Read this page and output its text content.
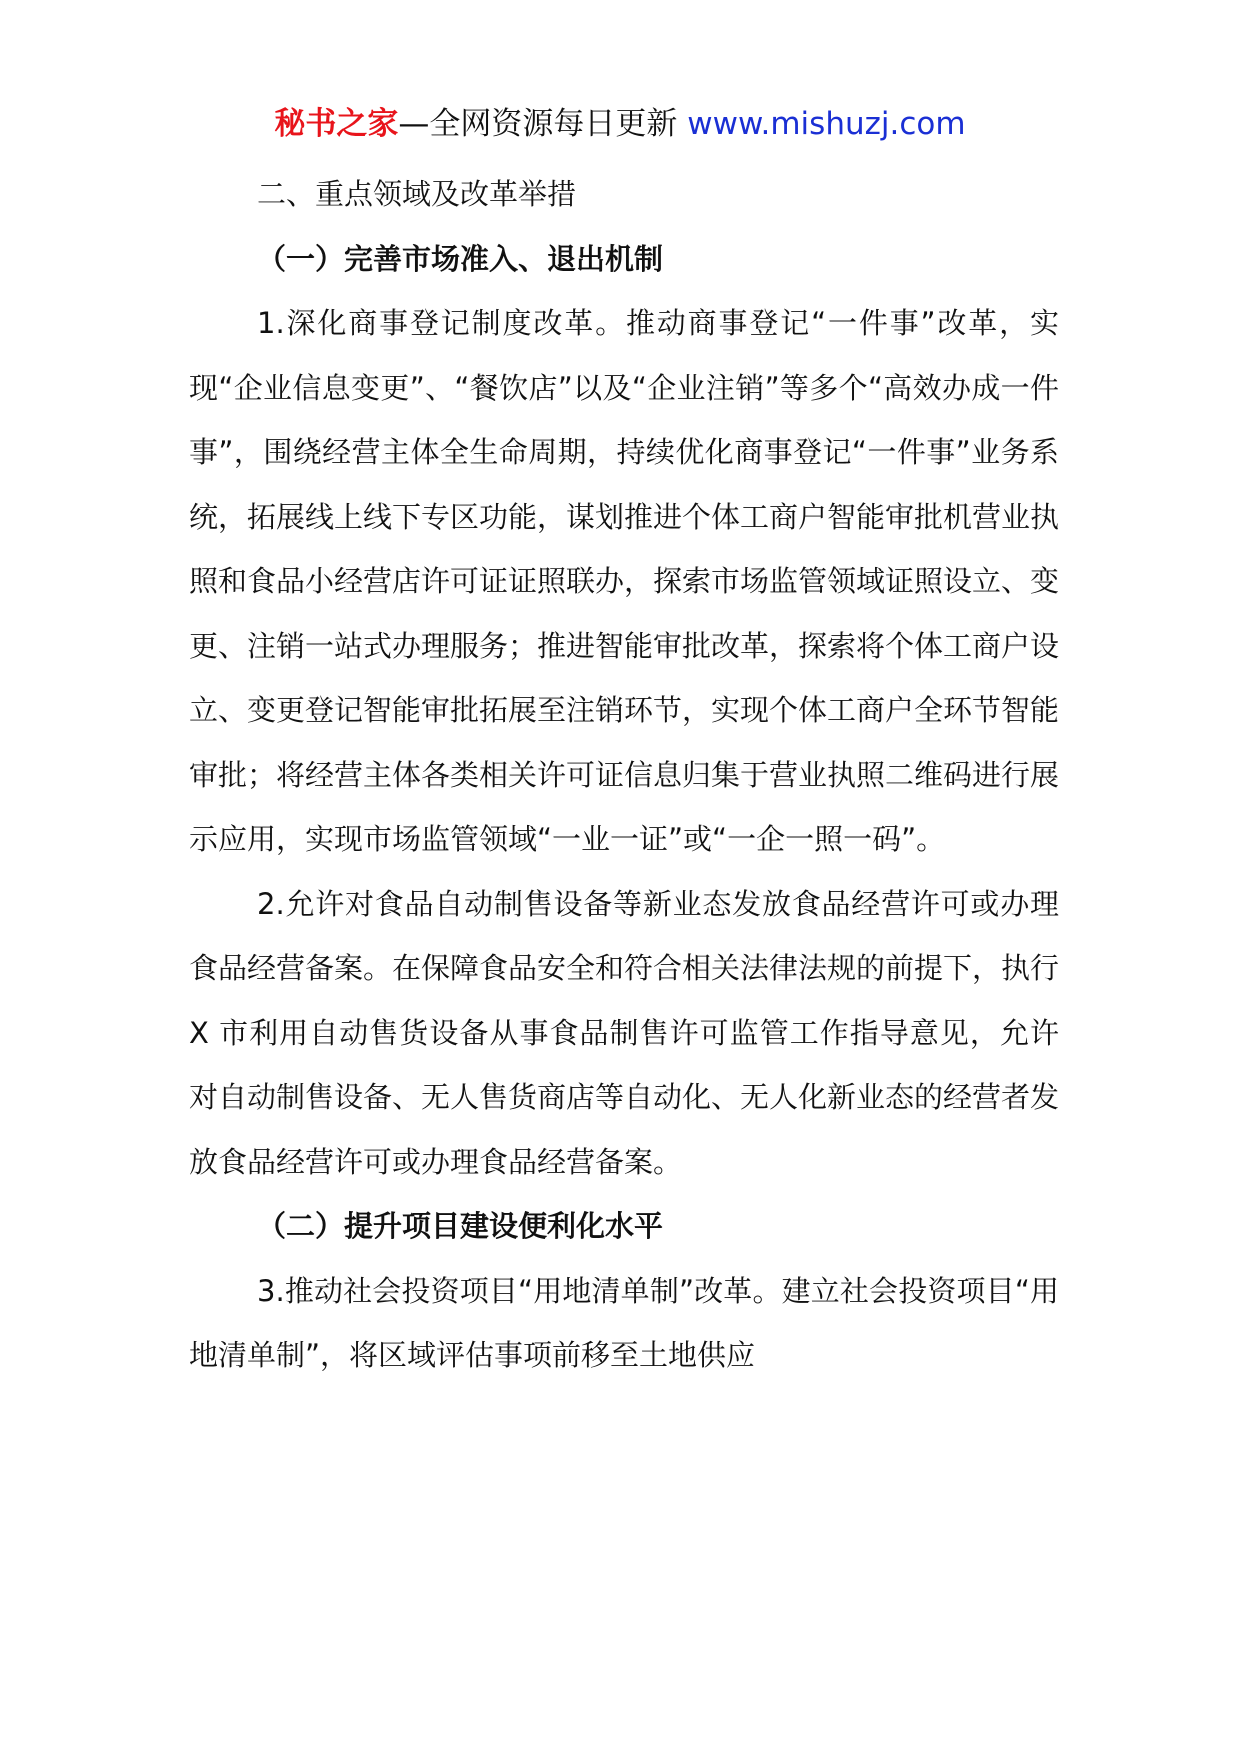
秘书之家—全网资源每日更新 www.mishuzj.com

二、重点领域及改革举措

（一）完善市场准入、退出机制

1.深化商事登记制度改革。推动商事登记“一件事”改革，实现“企业信息变更”、“餐饮店”以及“企业注销”等多个“高效办成一件事”，围绕经营主体全生命周期，持续优化商事登记“一件事”业务系统，拓展线上线下专区功能，谋划推进个体工商户智能审批机营业执照和食品小经营店许可证证照联办，探索市场监管领域证照设立、变更、注销一站式办理服务；推进智能审批改革，探索将个体工商户设立、变更登记智能审批拓展至注销环节，实现个体工商户全环节智能审批；将经营主体各类相关许可证信息归集于营业执照二维码进行展示应用，实现市场监管领域“一业一证”或“一企一照一码”。

2.允许对食品自动制售设备等新业态发放食品经营许可或办理食品经营备案。在保障食品安全和符合相关法律法规的前提下，执行 X 市利用自动售货设备从事食品制售许可监管工作指导意见，允许对自动制售设备、无人售货商店等自动化、无人化新业态的经营者发放食品经营许可或办理食品经营备案。

（二）提升项目建设便利化水平

3.推动社会投资项目“用地清单制”改革。建立社会投资项目“用地清单制”，将区域评估事项前移至土地供应
